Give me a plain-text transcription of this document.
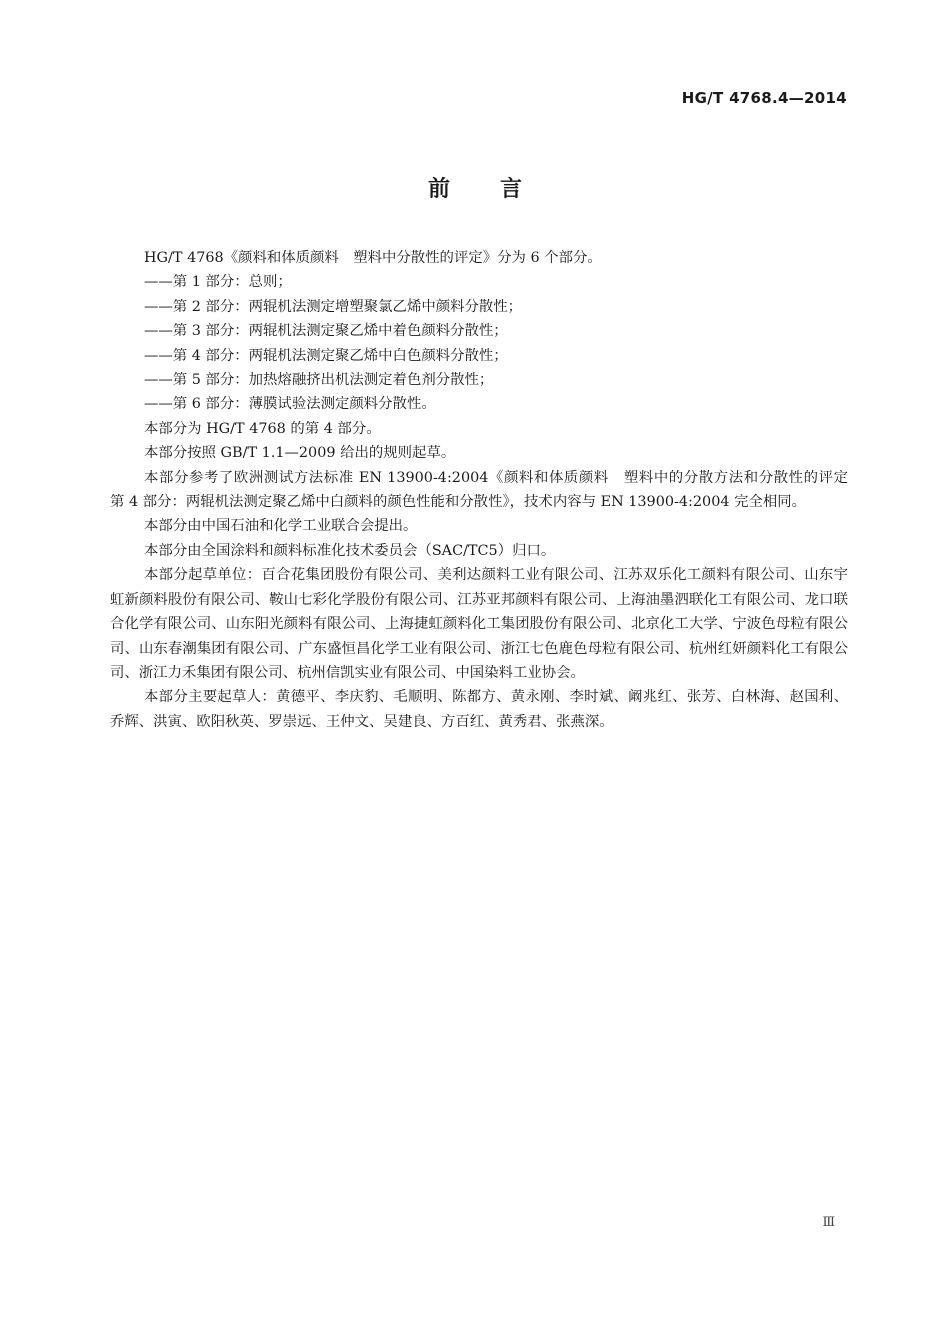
HG/T 4768.4—2014
前言

HG/T 4768《颜料和体质颜料　塑料中分散性的评定》分为 6 个部分。

——第 1 部分：总则；

——第 2 部分：两辊机法测定增塑聚氯乙烯中颜料分散性；

——第 3 部分：两辊机法测定聚乙烯中着色颜料分散性；

——第 4 部分：两辊机法测定聚乙烯中白色颜料分散性；

——第 5 部分：加热熔融挤出机法测定着色剂分散性；

——第 6 部分：薄膜试验法测定颜料分散性。

本部分为 HG/T 4768 的第 4 部分。

本部分按照 GB/T 1.1—2009 给出的规则起草。

本部分参考了欧洲测试方法标准 EN 13900-4:2004《颜料和体质颜料　塑料中的分散方法和分散性的评定　第 4 部分：两辊机法测定聚乙烯中白颜料的颜色性能和分散性》，技术内容与 EN 13900-4:2004 完全相同。

本部分由中国石油和化学工业联合会提出。

本部分由全国涂料和颜料标准化技术委员会（SAC/TC5）归口。

本部分起草单位：百合花集团股份有限公司、美利达颜料工业有限公司、江苏双乐化工颜料有限公司、山东宇虹新颜料股份有限公司、鞍山七彩化学股份有限公司、江苏亚邦颜料有限公司、上海油墨泗联化工有限公司、龙口联合化学有限公司、山东阳光颜料有限公司、上海捷虹颜料化工集团股份有限公司、北京化工大学、宁波色母粒有限公司、山东春潮集团有限公司、广东盛恒昌化学工业有限公司、浙江七色鹿色母粒有限公司、杭州红妍颜料化工有限公司、浙江力禾集团有限公司、杭州信凯实业有限公司、中国染料工业协会。

本部分主要起草人：黄德平、李庆豹、毛顺明、陈都方、黄永刚、李时斌、阚兆红、张芳、白林海、赵国利、乔辉、洪寅、欧阳秋英、罗崇远、王仲文、吴建良、方百红、黄秀君、张燕深。

Ⅲ
